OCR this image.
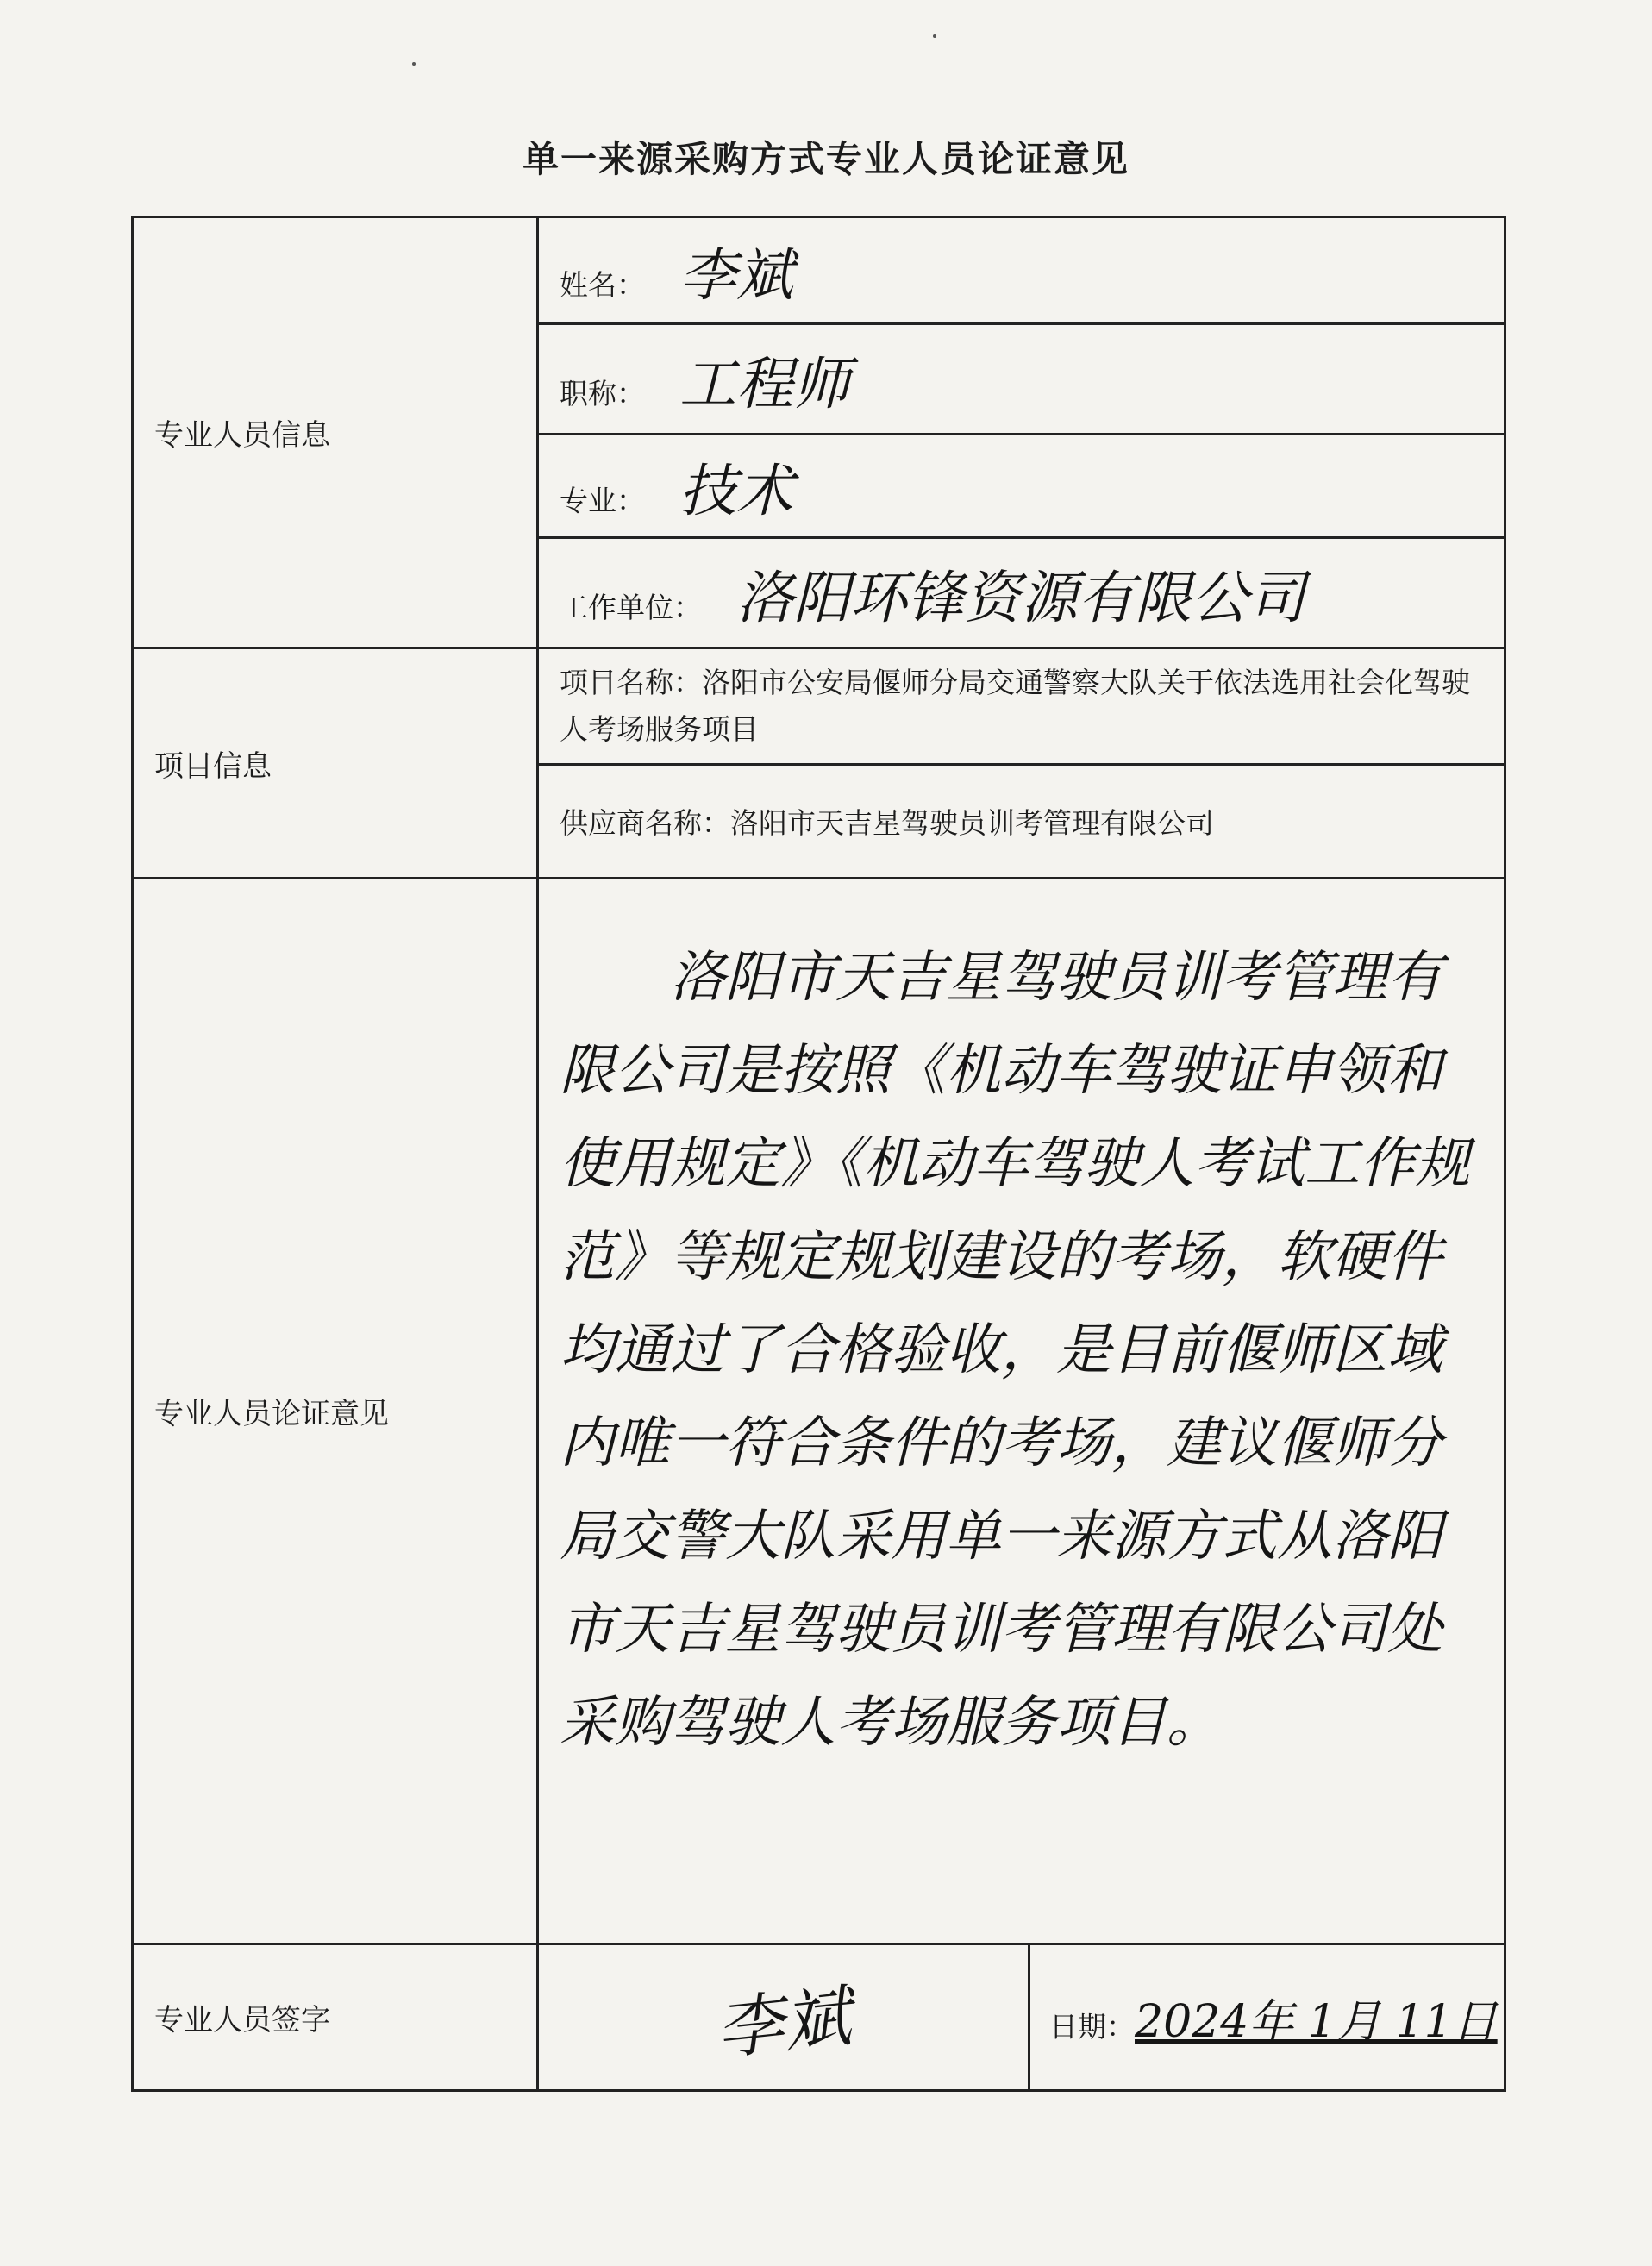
单一来源采购方式专业人员论证意见
专业人员信息	姓名： 李斌	
	职称： 工程师	
	专业： 技术	
	工作单位： 洛阳环锋资源有限公司	
项目信息	项目名称：洛阳市公安局偃师分局交通警察大队关于依法选用社会化驾驶人考场服务项目	
	供应商名称：洛阳市天吉星驾驶员训考管理有限公司	
专业人员论证意见	洛阳市天吉星驾驶员训考管理有限公司是按照《机动车驾驶证申领和使用规定》《机动车驾驶人考试工作规范》等规定规划建设的考场，软硬件均通过了合格验收，是目前偃师区域内唯一符合条件的考场，建议偃师分局交警大队采用单一来源方式从洛阳市天吉星驾驶员训考管理有限公司处采购驾驶人考场服务项目。	

专业人员签字	李斌	日期：2024年 1月 11日
